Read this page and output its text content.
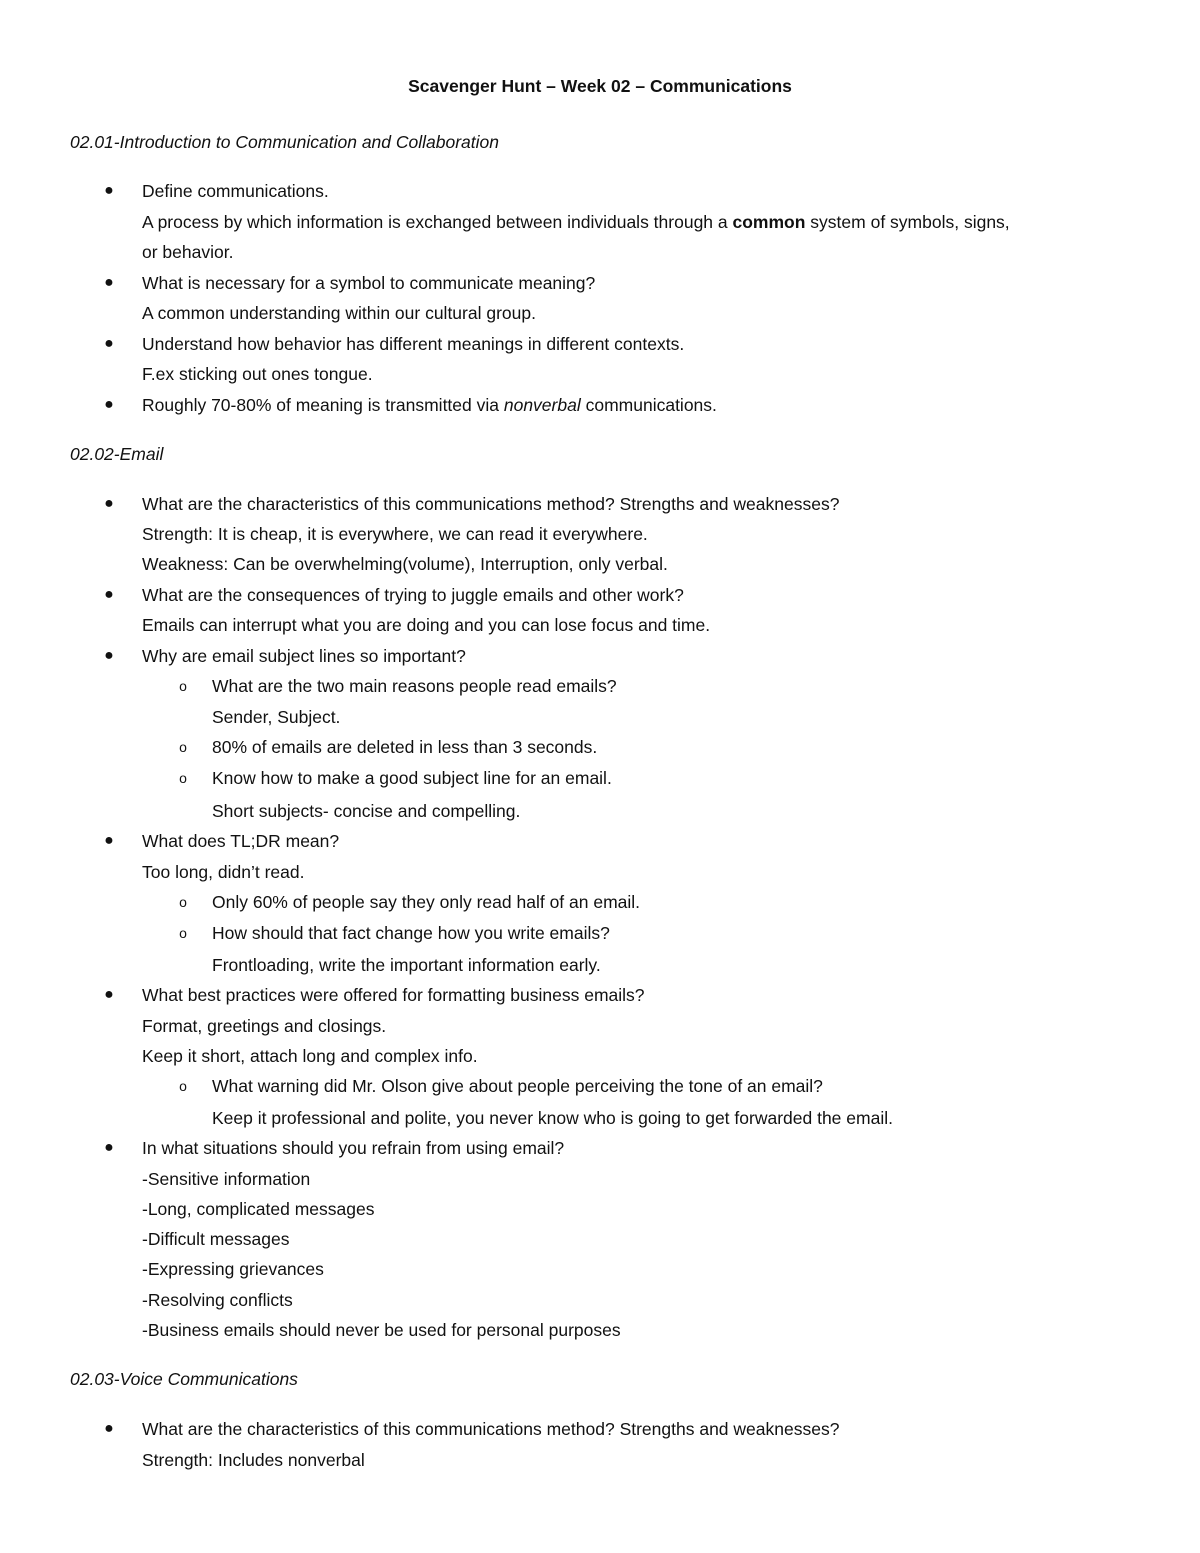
Scavenger Hunt – Week 02 – Communications
02.01-Introduction to Communication and Collaboration
● Define communications.
A process by which information is exchanged between individuals through a common system of symbols, signs,
or behavior.
● What is necessary for a symbol to communicate meaning?
A common understanding within our cultural group.
● Understand how behavior has different meanings in different contexts.
F.ex sticking out ones tongue.
● Roughly 70-80% of meaning is transmitted via nonverbal communications.
02.02-Email
● What are the characteristics of this communications method? Strengths and weaknesses?
Strength: It is cheap, it is everywhere, we can read it everywhere.
Weakness: Can be overwhelming(volume), Interruption, only verbal.
● What are the consequences of trying to juggle emails and other work?
Emails can interrupt what you are doing and you can lose focus and time.
● Why are email subject lines so important?
o What are the two main reasons people read emails?
Sender, Subject.
o 80% of emails are deleted in less than 3 seconds.
o Know how to make a good subject line for an email.
Short subjects- concise and compelling.
● What does TL;DR mean?
Too long, didn’t read.
o Only 60% of people say they only read half of an email.
o How should that fact change how you write emails?
Frontloading, write the important information early.
● What best practices were offered for formatting business emails?
Format, greetings and closings.
Keep it short, attach long and complex info.
o What warning did Mr. Olson give about people perceiving the tone of an email?
Keep it professional and polite, you never know who is going to get forwarded the email.
● In what situations should you refrain from using email?
-Sensitive information
-Long, complicated messages
-Difficult messages
-Expressing grievances
-Resolving conflicts
-Business emails should never be used for personal purposes
02.03-Voice Communications
● What are the characteristics of this communications method? Strengths and weaknesses?
Strength: Includes nonverbal
